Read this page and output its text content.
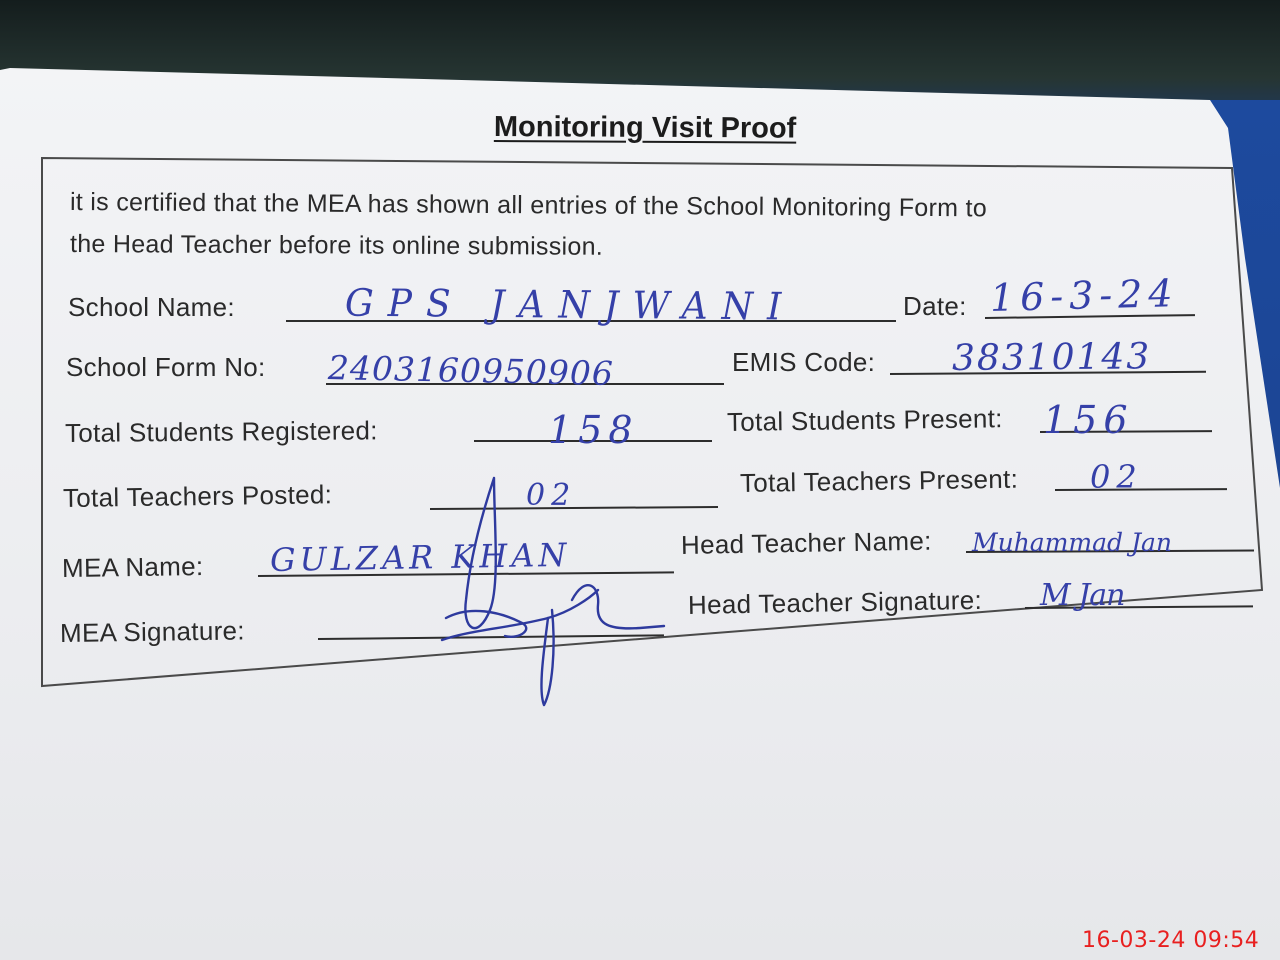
Monitoring Visit Proof
it is certified that the MEA has shown all entries of the School Monitoring Form to
the Head Teacher before its online submission.
School Name:	GPS JANJWANI	Date: 16-3-24
School Form No: 2403160950906	EMIS Code: 38310143
Total Students Registered:	158	Total Students Present: 156
Total Teachers Posted:	02	Total Teachers Present: 02
MEA Name: GULZAR KHAN	Head Teacher Name: Muhammad Jan
MEA Signature:
Head Teacher Signature: M Jan
16-03-24 09:54
